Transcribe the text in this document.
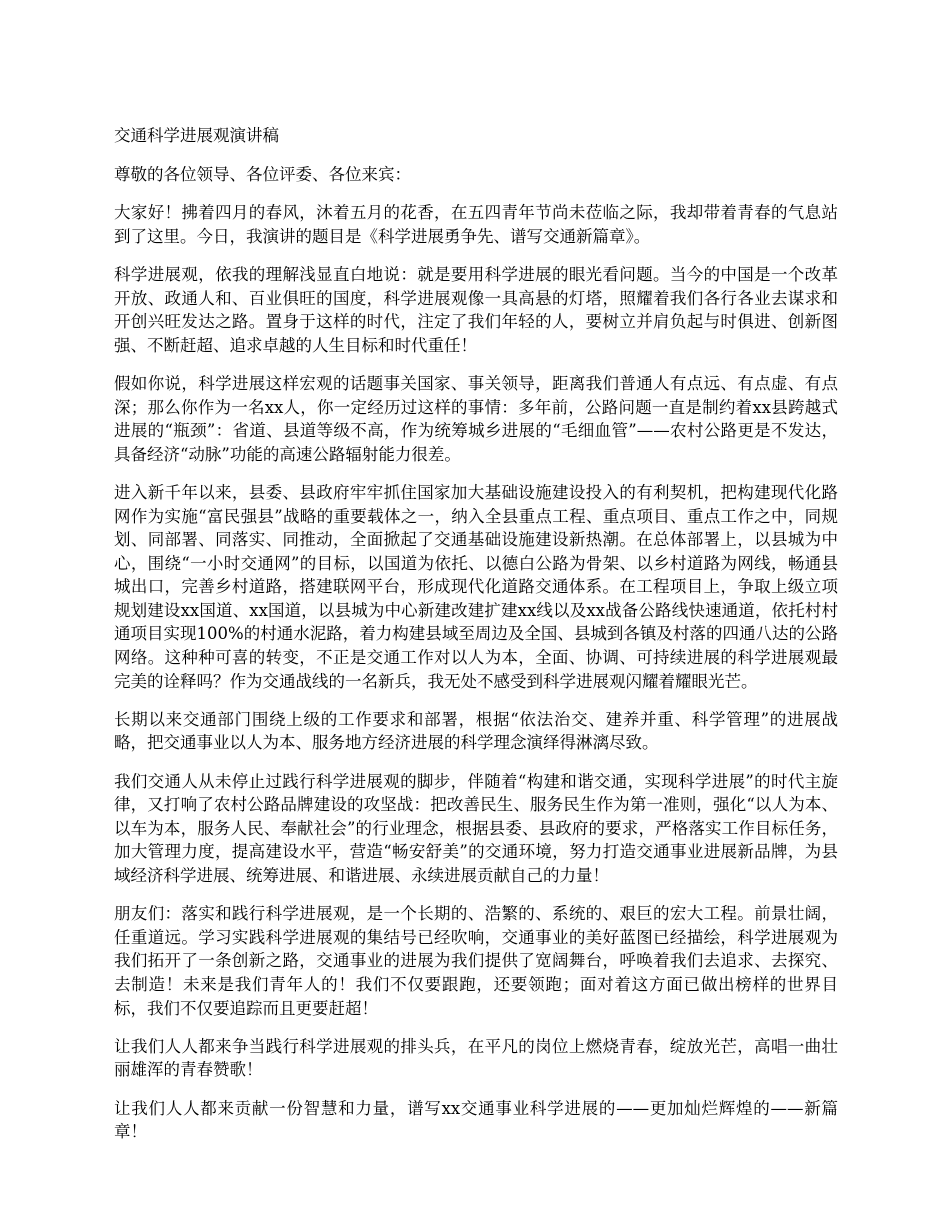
交通科学进展观演讲稿

尊敬的各位领导、各位评委、各位来宾：

大家好！拂着四月的春风，沐着五月的花香，在五四青年节尚未莅临之际，我却带着青春的气息站到了这里。今日，我演讲的题目是《科学进展勇争先、谱写交通新篇章》。

科学进展观，依我的理解浅显直白地说：就是要用科学进展的眼光看问题。当今的中国是一个改革开放、政通人和、百业俱旺的国度，科学进展观像一具高悬的灯塔，照耀着我们各行各业去谋求和开创兴旺发达之路。置身于这样的时代，注定了我们年轻的人，要树立并肩负起与时俱进、创新图强、不断赶超、追求卓越的人生目标和时代重任！

假如你说，科学进展这样宏观的话题事关国家、事关领导，距离我们普通人有点远、有点虚、有点深；那么你作为一名xx人，你一定经历过这样的事情：多年前，公路问题一直是制约着xx县跨越式进展的“瓶颈”：省道、县道等级不高，作为统筹城乡进展的“毛细血管”——农村公路更是不发达，具备经济“动脉”功能的高速公路辐射能力很差。

进入新千年以来，县委、县政府牢牢抓住国家加大基础设施建设投入的有利契机，把构建现代化路网作为实施“富民强县”战略的重要载体之一，纳入全县重点工程、重点项目、重点工作之中，同规划、同部署、同落实、同推动，全面掀起了交通基础设施建设新热潮。在总体部署上，以县城为中心，围绕“一小时交通网”的目标，以国道为依托、以德白公路为骨架、以乡村道路为网线，畅通县城出口，完善乡村道路，搭建联网平台，形成现代化道路交通体系。在工程项目上，争取上级立项规划建设xx国道、xx国道，以县城为中心新建改建扩建xx线以及xx战备公路线快速通道，依托村村通项目实现100%的村通水泥路，着力构建县域至周边及全国、县城到各镇及村落的四通八达的公路网络。这种种可喜的转变，不正是交通工作对以人为本，全面、协调、可持续进展的科学进展观最完美的诠释吗？作为交通战线的一名新兵，我无处不感受到科学进展观闪耀着耀眼光芒。

长期以来交通部门围绕上级的工作要求和部署，根据“依法治交、建养并重、科学管理”的进展战略，把交通事业以人为本、服务地方经济进展的科学理念演绎得淋漓尽致。

我们交通人从未停止过践行科学进展观的脚步，伴随着“构建和谐交通，实现科学进展”的时代主旋律，又打响了农村公路品牌建设的攻坚战：把改善民生、服务民生作为第一准则，强化“以人为本、以车为本，服务人民、奉献社会”的行业理念，根据县委、县政府的要求，严格落实工作目标任务，加大管理力度，提高建设水平，营造“畅安舒美”的交通环境，努力打造交通事业进展新品牌，为县域经济科学进展、统筹进展、和谐进展、永续进展贡献自己的力量！

朋友们：落实和践行科学进展观，是一个长期的、浩繁的、系统的、艰巨的宏大工程。前景壮阔，任重道远。学习实践科学进展观的集结号已经吹响，交通事业的美好蓝图已经描绘，科学进展观为我们拓开了一条创新之路，交通事业的进展为我们提供了宽阔舞台，呼唤着我们去追求、去探究、去制造！未来是我们青年人的！我们不仅要跟跑，还要领跑；面对着这方面已做出榜样的世界目标，我们不仅要追踪而且更要赶超！

让我们人人都来争当践行科学进展观的排头兵，在平凡的岗位上燃烧青春，绽放光芒，高唱一曲壮丽雄浑的青春赞歌！

让我们人人都来贡献一份智慧和力量，谱写xx交通事业科学进展的——更加灿烂辉煌的——新篇章！
